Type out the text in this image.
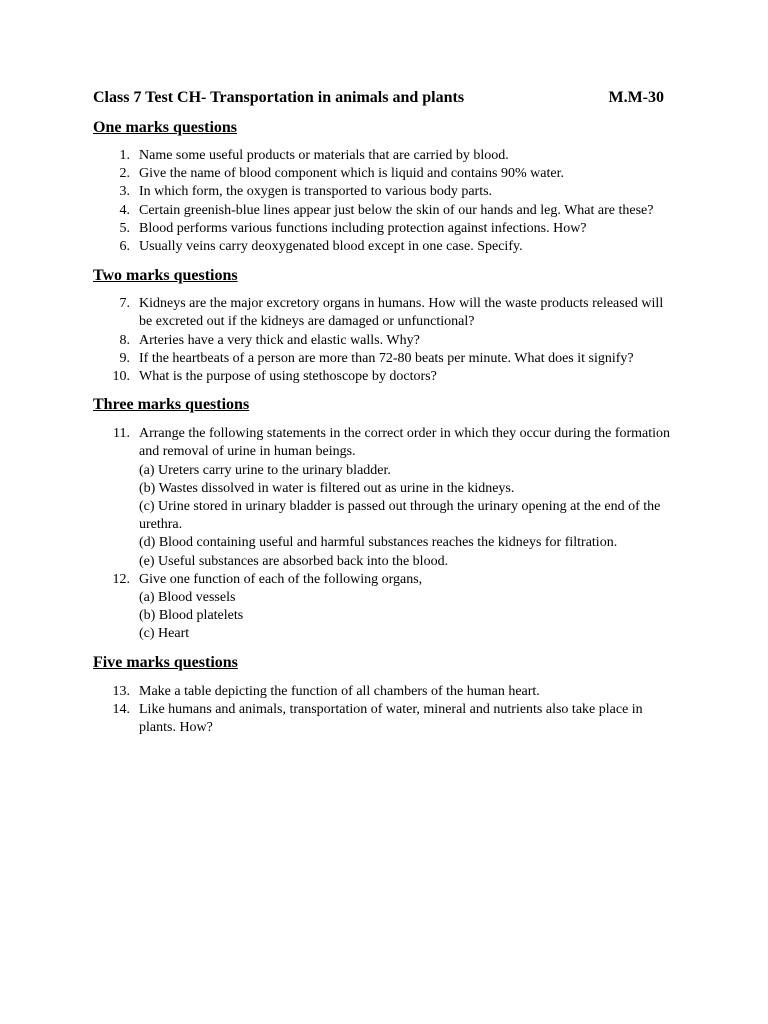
Class 7 Test CH- Transportation in animals and plants	M.M-30
One marks questions
1. Name some useful products or materials that are carried by blood.
2. Give the name of blood component which is liquid and contains 90% water.
3. In which form, the oxygen is transported to various body parts.
4. Certain greenish-blue lines appear just below the skin of our hands and leg. What are these?
5. Blood performs various functions including protection against infections. How?
6. Usually veins carry deoxygenated blood except in one case. Specify.
Two marks questions
7. Kidneys are the major excretory organs in humans. How will the waste products released will be excreted out if the kidneys are damaged or unfunctional?
8. Arteries have a very thick and elastic walls. Why?
9. If the heartbeats of a person are more than 72-80 beats per minute. What does it signify?
10. What is the purpose of using stethoscope by doctors?
Three marks questions
11. Arrange the following statements in the correct order in which they occur during the formation and removal of urine in human beings.
(a) Ureters carry urine to the urinary bladder.
(b) Wastes dissolved in water is filtered out as urine in the kidneys.
(c) Urine stored in urinary bladder is passed out through the urinary opening at the end of the urethra.
(d) Blood containing useful and harmful substances reaches the kidneys for filtration.
(e) Useful substances are absorbed back into the blood.
12. Give one function of each of the following organs,
(a) Blood vessels
(b) Blood platelets
(c) Heart
Five marks questions
13. Make a table depicting the function of all chambers of the human heart.
14. Like humans and animals, transportation of water, mineral and nutrients also take place in plants. How?
